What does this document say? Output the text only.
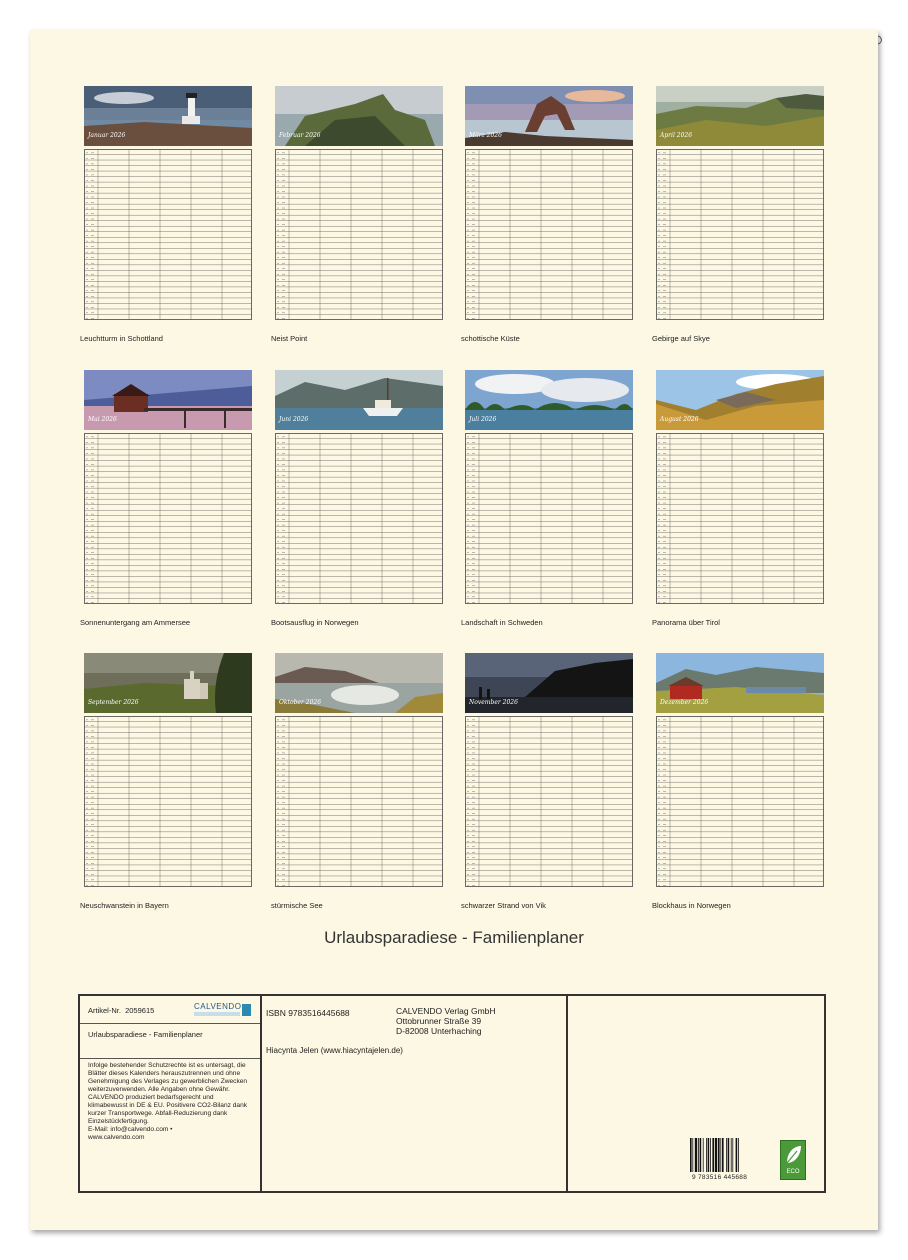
Januar 2026
Leuchtturm in Schottland
Februar 2026
Neist Point
März 2026
schottische Küste
April 2026
Gebirge auf Skye
Mai 2026
Sonnenuntergang am Ammersee
Juni 2026
Bootsausflug in Norwegen
Juli 2026
Landschaft in Schweden
August 2026
Panorama über Tirol
September 2026
Neuschwanstein in Bayern
Oktober 2026
stürmische See
November 2026
schwarzer Strand von Vik
Dezember 2026
Blockhaus in Norwegen
Urlaubsparadiese - Familienplaner
Artikel-Nr. 2059615	CALVENDO
Urlaubsparadiese - Familienplaner
Infolge bestehender Schutzrechte ist es untersagt, die Blätter dieses Kalenders herauszutrennen und ohne Genehmigung des Verlages zu gewerblichen Zwecken weiterzuverwenden. Alle Angaben ohne Gewähr.
CALVENDO produziert bedarfsgerecht und klimabewusst in DE & EU. Positivere CO2-Bilanz dank kurzer Transportwege. Abfall-Reduzierung dank Einzelstückfertigung.
E-Mail: info@calvendo.com •
www.calvendo.com
ISBN 9783516445688	CALVENDO Verlag GmbH
Ottobrunner Straße 39
D-82008 Unterhaching
Hiacynta Jelen (www.hiacyntajelen.de)
9 783516 445688
ECO
